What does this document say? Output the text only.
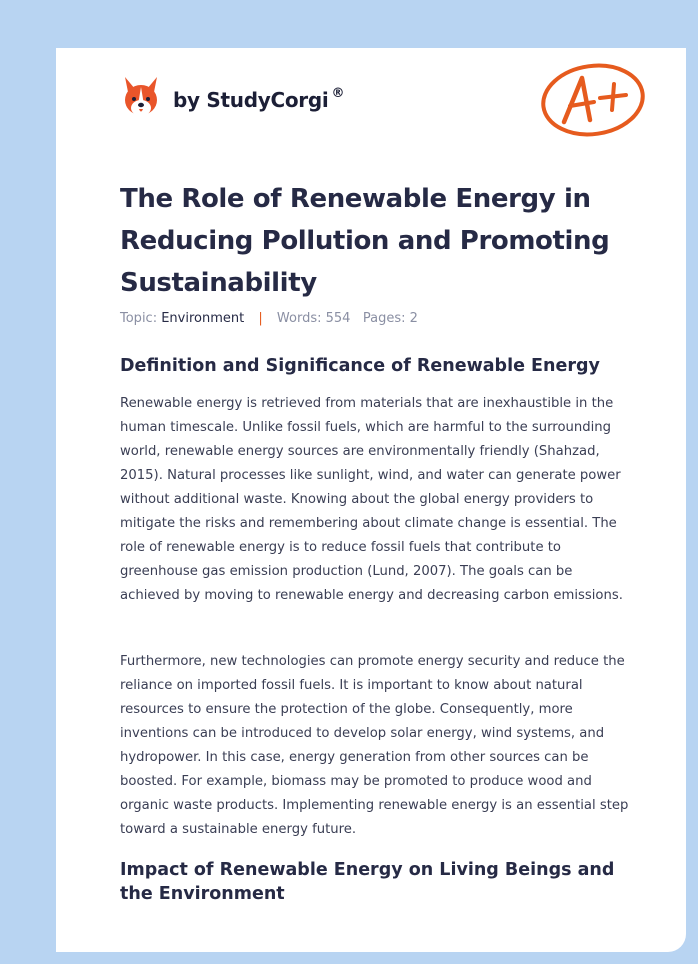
by StudyCorgi ®
The Role of Renewable Energy in Reducing Pollution and Promoting Sustainability
Topic: Environment | Words: 554 Pages: 2
Definition and Significance of Renewable Energy

Renewable energy is retrieved from materials that are inexhaustible in the human timescale. Unlike fossil fuels, which are harmful to the surrounding world, renewable energy sources are environmentally friendly (Shahzad, 2015). Natural processes like sunlight, wind, and water can generate power without additional waste. Knowing about the global energy providers to mitigate the risks and remembering about climate change is essential. The role of renewable energy is to reduce fossil fuels that contribute to greenhouse gas emission production (Lund, 2007). The goals can be achieved by moving to renewable energy and decreasing carbon emissions.

Furthermore, new technologies can promote energy security and reduce the reliance on imported fossil fuels. It is important to know about natural resources to ensure the protection of the globe. Consequently, more inventions can be introduced to develop solar energy, wind systems, and hydropower. In this case, energy generation from other sources can be boosted. For example, biomass may be promoted to produce wood and organic waste products. Implementing renewable energy is an essential step toward a sustainable energy future.

Impact of Renewable Energy on Living Beings and the Environment
